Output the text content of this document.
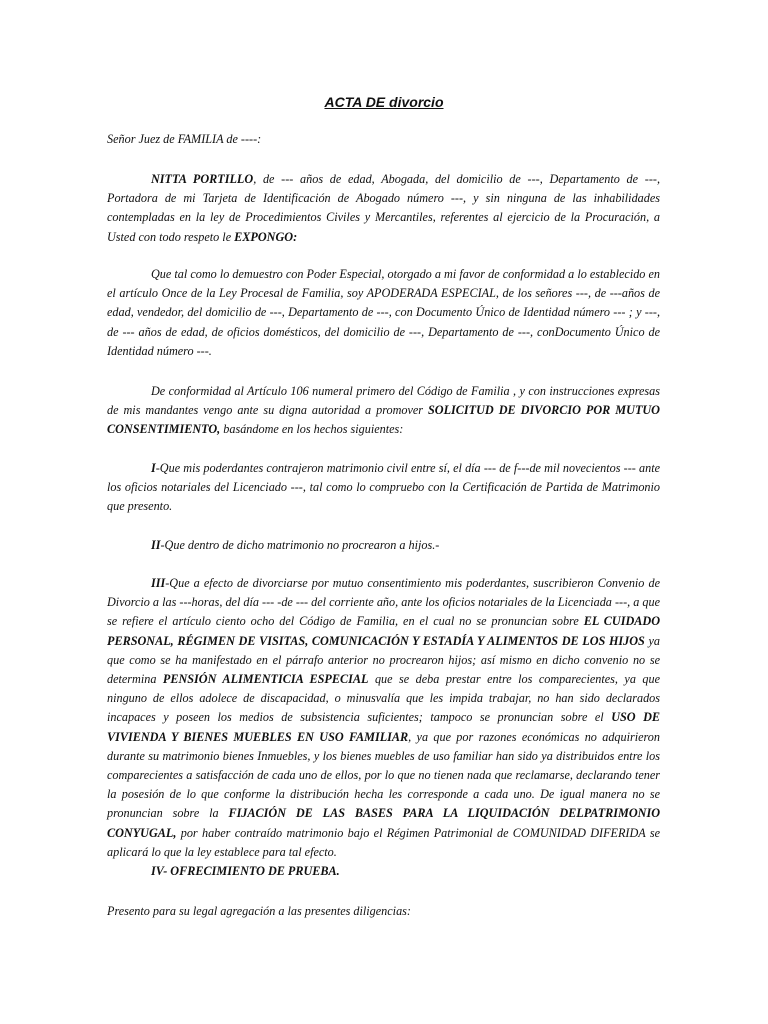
ACTA DE divorcio

Señor Juez de FAMILIA de ----:

NITTA PORTILLO, de --- años de edad, Abogada, del domicilio de ---, Departamento de ---, Portadora de mi Tarjeta de Identificación de Abogado número ---, y sin ninguna de las inhabilidades contempladas en la ley de Procedimientos Civiles y Mercantiles, referentes al ejercicio de la Procuración, a Usted con todo respeto le EXPONGO:

Que tal como lo demuestro con Poder Especial, otorgado a mi favor de conformidad a lo establecido en el artículo Once de la Ley Procesal de Familia, soy APODERADA ESPECIAL, de los señores ---, de ---años de edad, vendedor, del domicilio de ---, Departamento de ---, con Documento Único de Identidad número --- ; y ---, de --- años de edad, de oficios domésticos, del domicilio de ---, Departamento de ---, conDocumento Único de Identidad número ---.

De conformidad al Artículo 106 numeral primero del Código de Familia , y con instrucciones expresas de mis mandantes vengo ante su digna autoridad a promover SOLICITUD DE DIVORCIO POR MUTUO CONSENTIMIENTO, basándome en los hechos siguientes:

I-Que mis poderdantes contrajeron matrimonio civil entre sí, el día --- de f---de mil novecientos --- ante los oficios notariales del Licenciado ---, tal como lo compruebo con la Certificación de Partida de Matrimonio que presento.

II-Que dentro de dicho matrimonio no procrearon a hijos.-

III-Que a efecto de divorciarse por mutuo consentimiento mis poderdantes, suscribieron Convenio de Divorcio a las ---horas, del día --- -de --- del corriente año, ante los oficios notariales de la Licenciada ---, a que se refiere el artículo ciento ocho del Código de Familia, en el cual no se pronuncian sobre EL CUIDADO PERSONAL, RÉGIMEN DE VISITAS, COMUNICACIÓN Y ESTADÍA Y ALIMENTOS DE LOS HIJOS ya que como se ha manifestado en el párrafo anterior no procrearon hijos; así mismo en dicho convenio no se determina PENSIÓN ALIMENTICIA ESPECIAL que se deba prestar entre los comparecientes, ya que ninguno de ellos adolece de discapacidad, o minusvalía que les impida trabajar, no han sido declarados incapaces y poseen los medios de subsistencia suficientes; tampoco se pronuncian sobre el USO DE VIVIENDA Y BIENES MUEBLES EN USO FAMILIAR, ya que por razones económicas no adquirieron durante su matrimonio bienes Inmuebles, y los bienes muebles de uso familiar han sido ya distribuidos entre los comparecientes a satisfacción de cada uno de ellos, por lo que no tienen nada que reclamarse, declarando tener la posesión de lo que conforme la distribución hecha les corresponde a cada uno. De igual manera no se pronuncian sobre la FIJACIÓN DE LAS BASES PARA LA LIQUIDACIÓN DELPATRIMONIO CONYUGAL, por haber contraído matrimonio bajo el Régimen Patrimonial de COMUNIDAD DIFERIDA se aplicará lo que la ley establece para tal efecto.

IV- OFRECIMIENTO DE PRUEBA.

Presento para su legal agregación a las presentes diligencias:
